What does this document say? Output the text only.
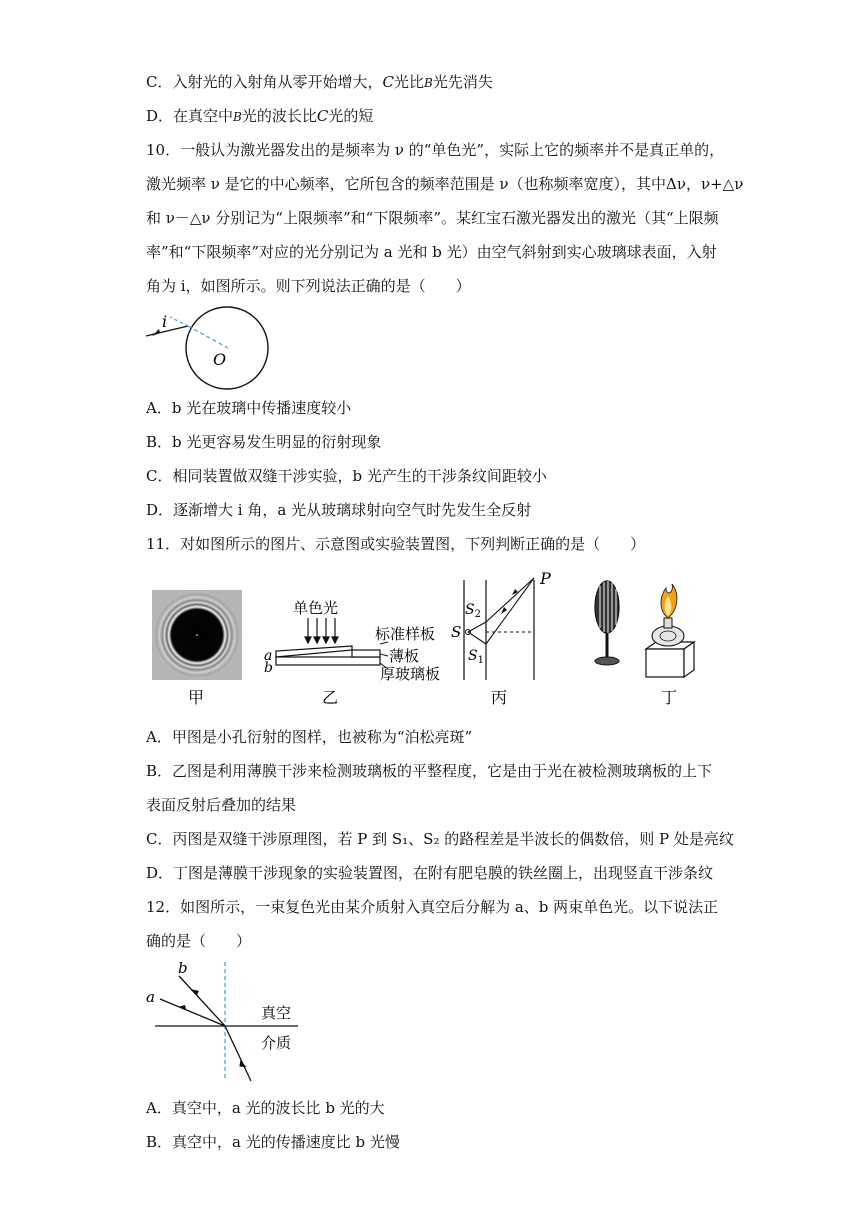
C．入射光的入射角从零开始增大，C光比B光先消失
D．在真空中B光的波长比C光的短
10．一般认为激光器发出的是频率为 ν 的“单色光”，实际上它的频率并不是真正单的，
激光频率 ν 是它的中心频率，它所包含的频率范围是 ν（也称频率宽度），其中Δν，ν+△ν
和 ν－△ν 分别记为“上限频率”和“下限频率”。某红宝石激光器发出的激光（其“上限频
率”和“下限频率”对应的光分别记为 a 光和 b 光）由空气斜射到实心玻璃球表面，入射
角为 i，如图所示。则下列说法正确的是（　　）
i
O
A．b 光在玻璃中传播速度较小
B．b 光更容易发生明显的衍射现象
C．相同装置做双缝干涉实验，b 光产生的干涉条纹间距较小
D．逐渐增大 i 角，a 光从玻璃球射向空气时先发生全反射
11．对如图所示的图片、示意图或实验装置图，下列判断正确的是（　　）
甲
单色光
标准样板
薄板
厚玻璃板
a
b
乙
P
S
$S_2$
$S_1$
丙	丁
A．甲图是小孔衍射的图样，也被称为“泊松亮斑”
B．乙图是利用薄膜干涉来检测玻璃板的平整程度，它是由于光在被检测玻璃板的上下
表面反射后叠加的结果
C．丙图是双缝干涉原理图，若 P 到 S₁、S₂ 的路程差是半波长的偶数倍，则 P 处是亮纹
D．丁图是薄膜干涉现象的实验装置图，在附有肥皂膜的铁丝圈上，出现竖直干涉条纹
12．如图所示，一束复色光由某介质射入真空后分解为 a、b 两束单色光。以下说法正
确的是（　　）
b
a
真空
介质
A．真空中，a 光的波长比 b 光的大
B．真空中，a 光的传播速度比 b 光慢
